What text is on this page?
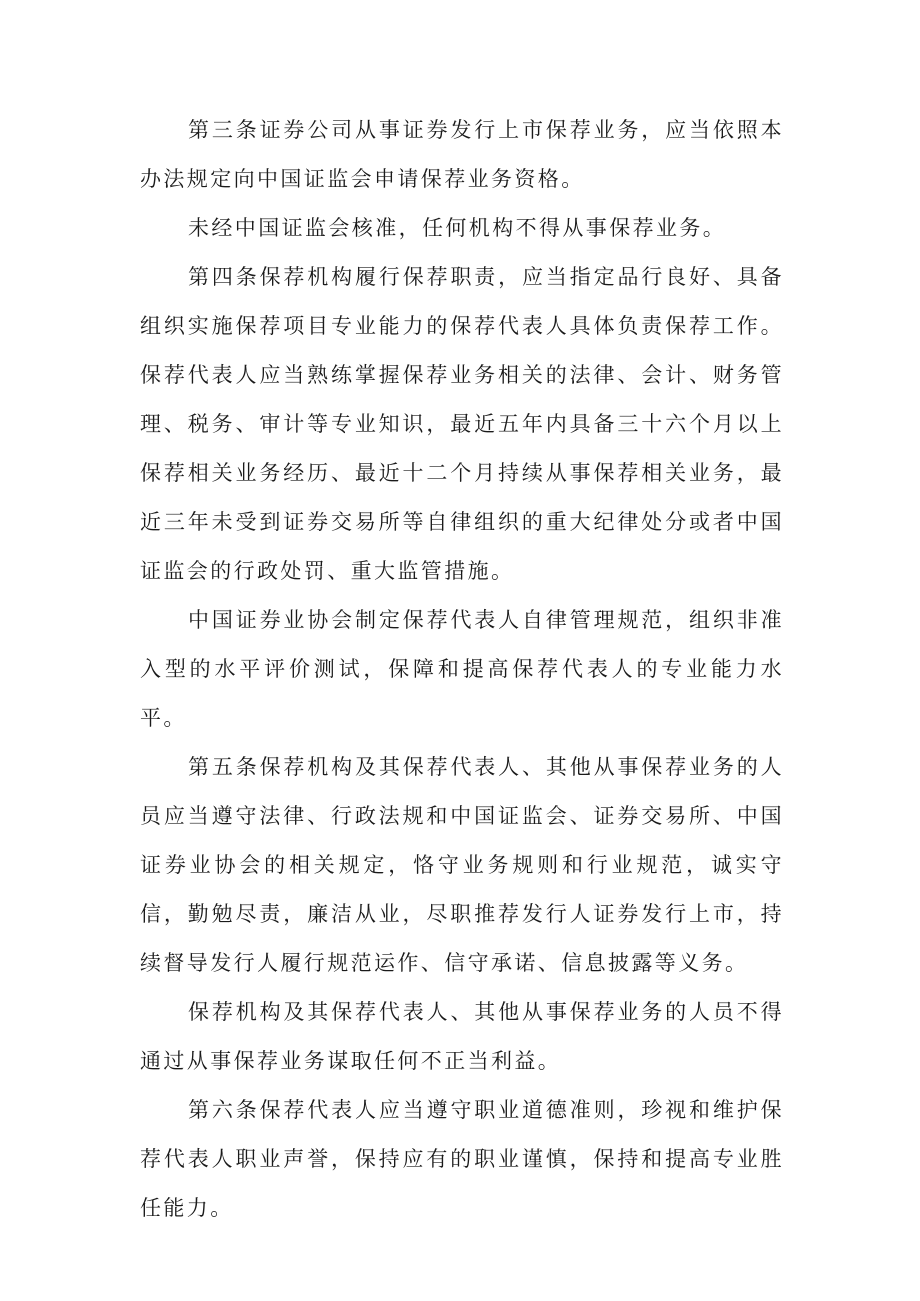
第三条证券公司从事证券发行上市保荐业务，应当依照本办法规定向中国证监会申请保荐业务资格。

未经中国证监会核准，任何机构不得从事保荐业务。

第四条保荐机构履行保荐职责，应当指定品行良好、具备组织实施保荐项目专业能力的保荐代表人具体负责保荐工作。保荐代表人应当熟练掌握保荐业务相关的法律、会计、财务管理、税务、审计等专业知识，最近五年内具备三十六个月以上保荐相关业务经历、最近十二个月持续从事保荐相关业务，最近三年未受到证券交易所等自律组织的重大纪律处分或者中国证监会的行政处罚、重大监管措施。

中国证券业协会制定保荐代表人自律管理规范，组织非准入型的水平评价测试，保障和提高保荐代表人的专业能力水平。

第五条保荐机构及其保荐代表人、其他从事保荐业务的人员应当遵守法律、行政法规和中国证监会、证券交易所、中国证券业协会的相关规定，恪守业务规则和行业规范，诚实守信，勤勉尽责，廉洁从业，尽职推荐发行人证券发行上市，持续督导发行人履行规范运作、信守承诺、信息披露等义务。

保荐机构及其保荐代表人、其他从事保荐业务的人员不得通过从事保荐业务谋取任何不正当利益。

第六条保荐代表人应当遵守职业道德准则，珍视和维护保荐代表人职业声誉，保持应有的职业谨慎，保持和提高专业胜任能力。
